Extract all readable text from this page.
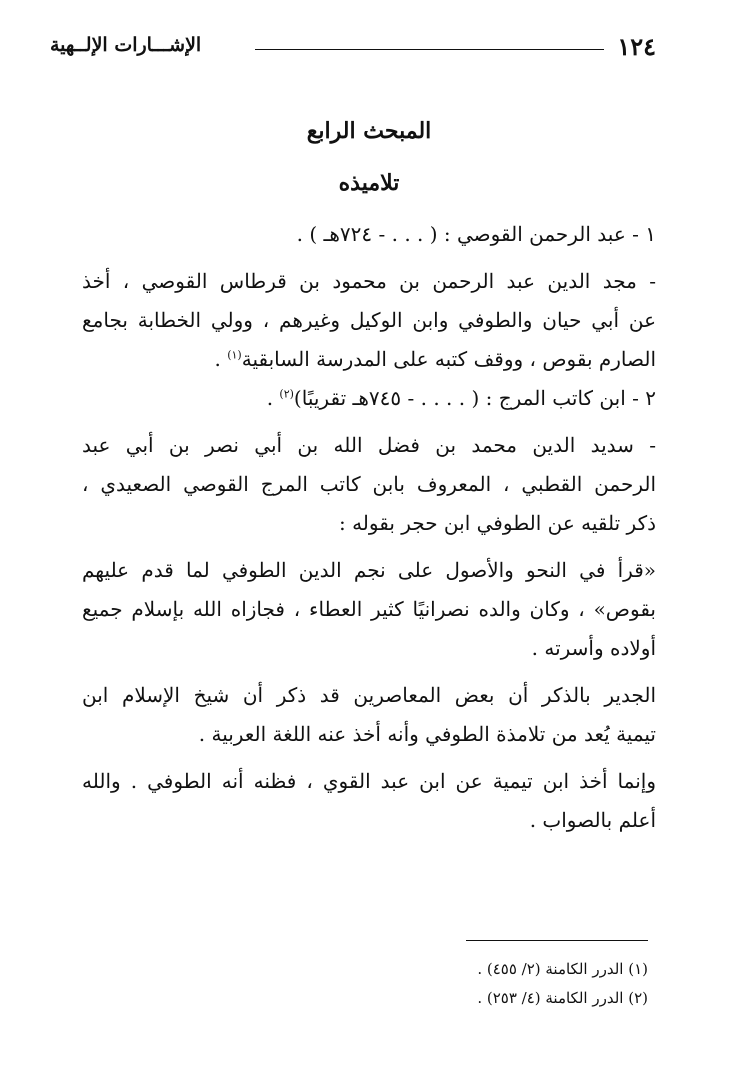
١٢٤
الإشـــارات الإلــهية
المبحث الرابع
تلاميذه
١ - عبد الرحمن القوصي : ( . . . - ٧٢٤هـ ) .
- مجد الدين عبد الرحمن بن محمود بن قرطاس القوصي ، أخذ
عن أبي حيان والطوفي وابن الوكيل وغيرهم ، وولي الخطابة بجامع
الصارم بقوص ، ووقف كتبه على المدرسة السابقية$^{(١)}$ .
٢ - ابن كاتب المرج : ( . . . . - ٧٤٥هـ تقريبًا)$^{(٢)}$ .
- سديد الدين محمد بن فضل الله بن أبي نصر بن أبي عبد
الرحمن القطبي ، المعروف بابن كاتب المرج القوصي الصعيدي ،
ذكر تلقيه عن الطوفي ابن حجر بقوله :
«قرأ في النحو والأصول على نجم الدين الطوفي لما قدم عليهم
بقوص» ، وكان والده نصرانيًا كثير العطاء ، فجازاه الله بإسلام جميع
أولاده وأسرته .
الجدير بالذكر أن بعض المعاصرين قد ذكر أن شيخ الإسلام ابن
تيمية يُعد من تلامذة الطوفي وأنه أخذ عنه اللغة العربية .
وإنما أخذ ابن تيمية عن ابن عبد القوي ، فظنه أنه الطوفي . والله
أعلم بالصواب .
(١) الدرر الكامنة (٢/ ٤٥٥) .
(٢) الدرر الكامنة (٤/ ٢٥٣) .
